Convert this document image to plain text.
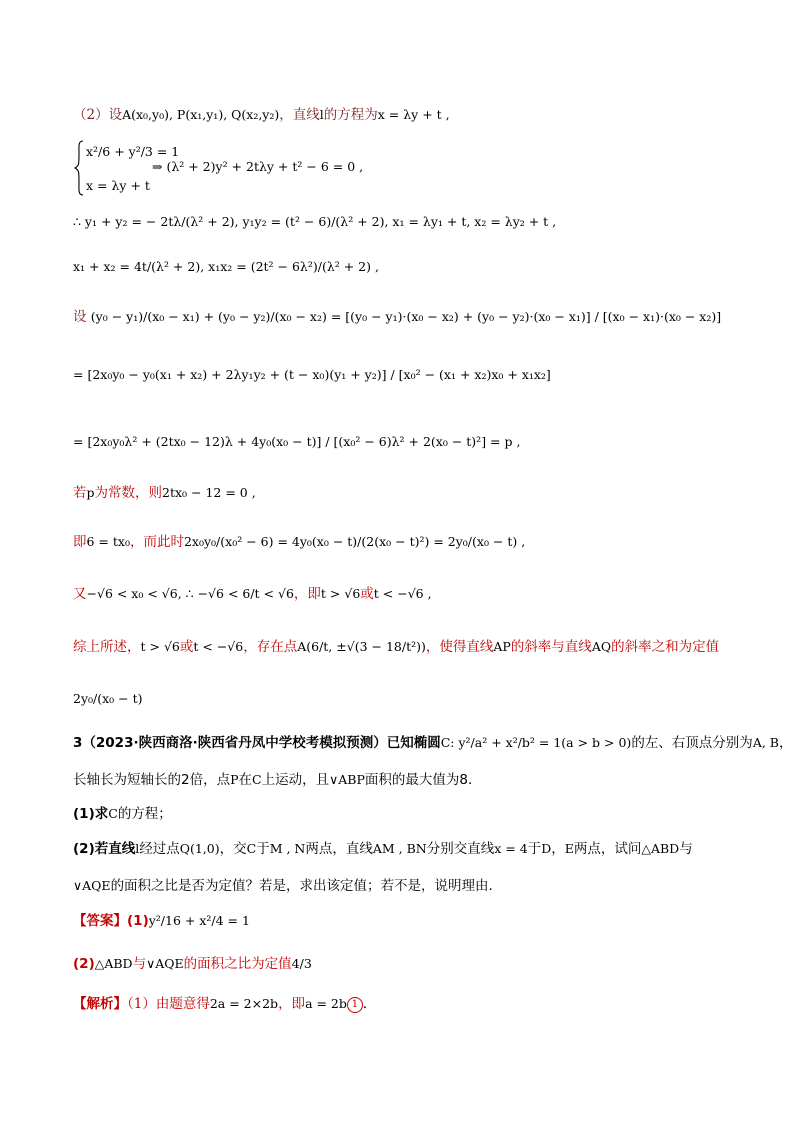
（2）设A(x₀,y₀), P(x₁,y₁), Q(x₂,y₂)，直线l的方程为x = λy + t ,
x²/6 + y²/3 = 1
⇒ (λ² + 2)y² + 2tλy + t² − 6 = 0 ,
x = λy + t
∴ y₁ + y₂ = − 2tλ/(λ² + 2), y₁y₂ = (t² − 6)/(λ² + 2), x₁ = λy₁ + t, x₂ = λy₂ + t ,
x₁ + x₂ = 4t/(λ² + 2), x₁x₂ = (2t² − 6λ²)/(λ² + 2) ,
设 (y₀ − y₁)/(x₀ − x₁) + (y₀ − y₂)/(x₀ − x₂) = [(y₀ − y₁)·(x₀ − x₂) + (y₀ − y₂)·(x₀ − x₁)] / [(x₀ − x₁)·(x₀ − x₂)]
= [2x₀y₀ − y₀(x₁ + x₂) + 2λy₁y₂ + (t − x₀)(y₁ + y₂)] / [x₀² − (x₁ + x₂)x₀ + x₁x₂]
= [2x₀y₀λ² + (2tx₀ − 12)λ + 4y₀(x₀ − t)] / [(x₀² − 6)λ² + 2(x₀ − t)²] = p ,
若p为常数，则2tx₀ − 12 = 0 ,
即6 = tx₀，而此时2x₀y₀/(x₀² − 6) = 4y₀(x₀ − t)/(2(x₀ − t)²) = 2y₀/(x₀ − t) ,
又−√6 < x₀ < √6, ∴ −√6 < 6/t < √6，即t > √6或t < −√6 ,
综上所述，t > √6或t < −√6，存在点A(6/t, ±√(3 − 18/t²))，使得直线AP的斜率与直线AQ的斜率之和为定值
2y₀/(x₀ − t)
3（2023·陕西商洛·陕西省丹凤中学校考模拟预测）已知椭圆C: y²/a² + x²/b² = 1(a > b > 0)的左、右顶点分别为A, B，
长轴长为短轴长的2倍，点P在C上运动，且∨ABP面积的最大值为8．
(1)求C的方程；
(2)若直线l经过点Q(1,0)，交C于M , N两点，直线AM , BN分别交直线x = 4于D，E两点，试问△ABD与
∨AQE的面积之比是否为定值？若是，求出该定值；若不是，说明理由．
【答案】(1)y²/16 + x²/4 = 1
(2)△ABD与∨AQE的面积之比为定值4/3
【解析】（1）由题意得2a = 2×2b，即a = 2b 1 ．
